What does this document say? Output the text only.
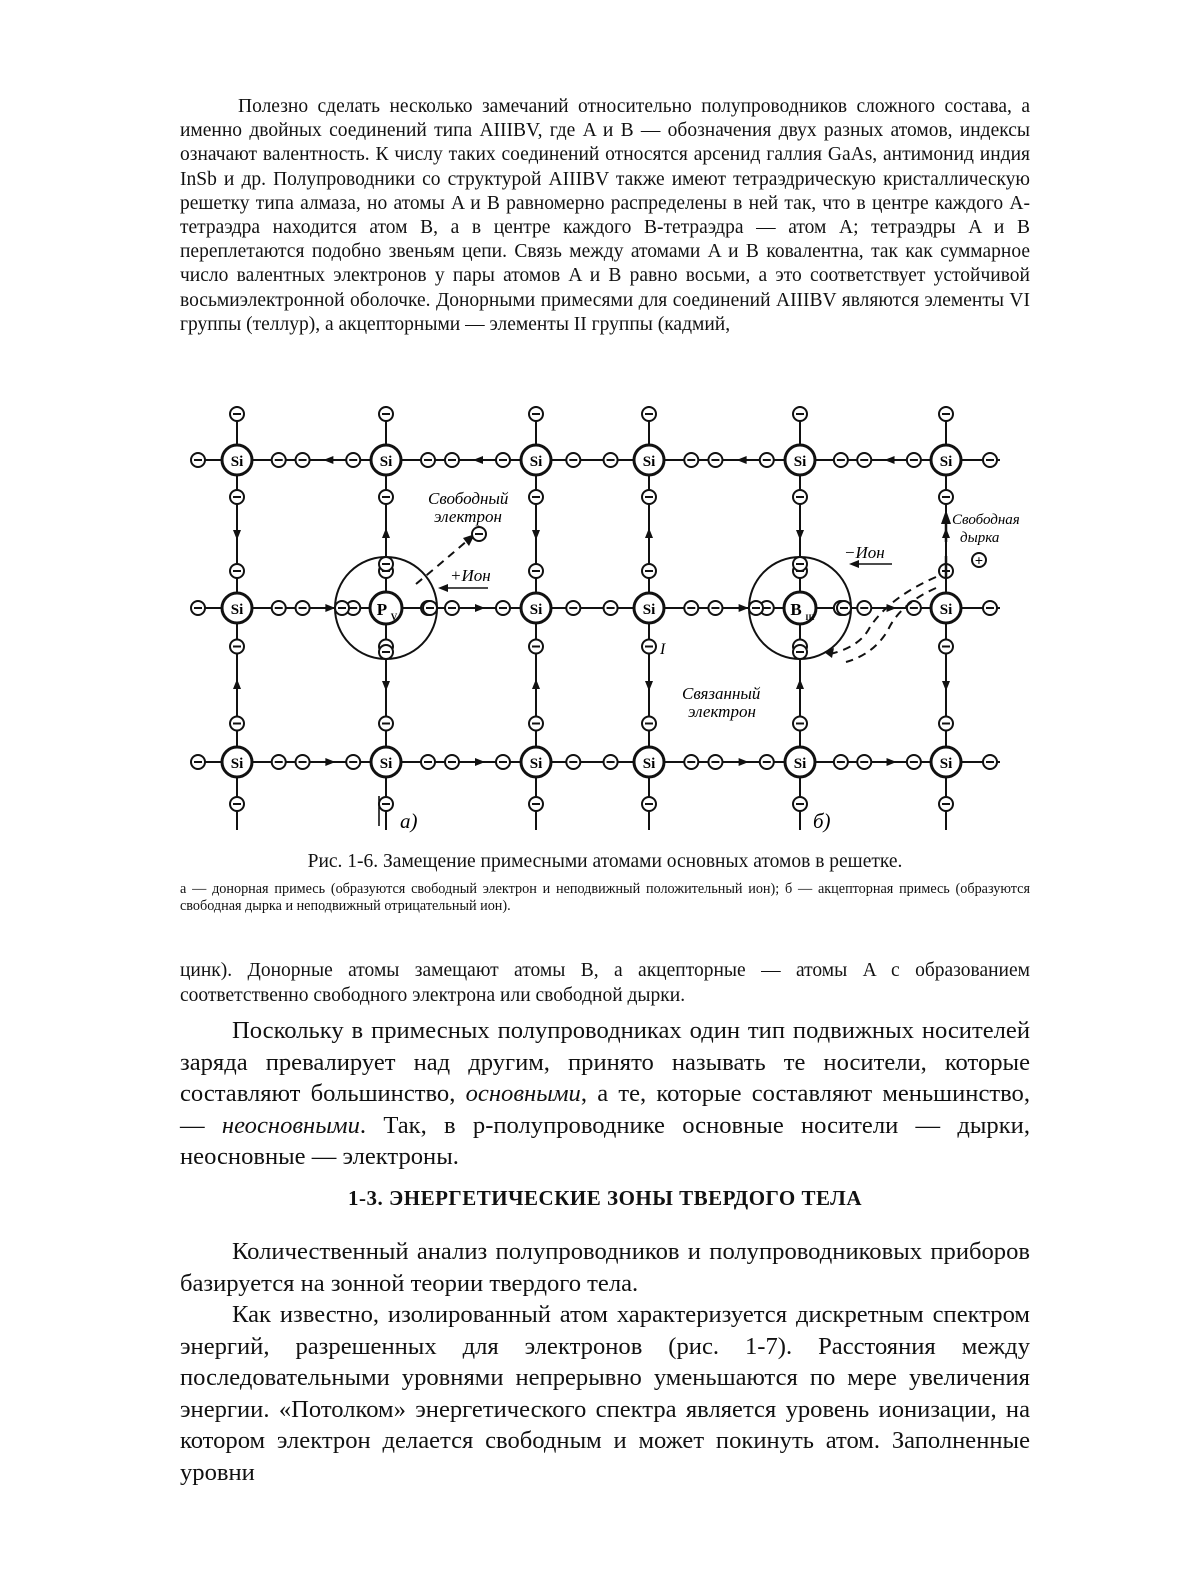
Полезно сделать несколько замечаний относительно полупроводников сложного состава, а именно двойных соединений типа AIIIBV, где A и B — обозначения двух разных атомов, индексы означают валентность. К числу таких соединений относятся арсенид галлия GaAs, антимонид индия InSb и др. Полупроводники со структурой AIIIBV также имеют тетраэдрическую кристаллическую решетку типа алмаза, но атомы A и B равномерно распределены в ней так, что в центре каждого А-тетраэдра находится атом B, а в центре каждого В-тетраэдра — атом A; тетраэдры A и B переплетаются подобно звеньям цепи. Связь между атомами A и B ковалентна, так как суммарное число валентных электронов у пары атомов A и B равно восьми, а это соответствует устойчивой восьмиэлектронной оболочке. Донорными примесями для соединений AIIIBV являются элементы VI группы (теллур), а акцепторными — элементы II группы (кадмий,

Si	Si	Si	Si	Si	Si
Si	Si	Si	Si
Si	Si	Si	Si	Si	Si
P V	B III
Свободный
электрон
+Ион
−Ион
Свободная
дырка
+
Связанный
электрон
I
а)	б)
Рис. 1-6. Замещение примесными атомами основных атомов в решетке.
а — донорная примесь (образуются свободный электрон и неподвижный положительный ион); б — акцепторная примесь (образуются свободная дырка и неподвижный отрицательный ион).

цинк). Донорные атомы замещают атомы B, а акцепторные — атомы A с образованием соответственно свободного электрона или свободной дырки.

Поскольку в примесных полупроводниках один тип подвижных носителей заряда превалирует над другим, принято называть те носители, которые составляют большинство, основными, а те, которые составляют меньшинство, — неосновными. Так, в p-полупроводнике основные носители — дырки, неосновные — электроны.

1-3. ЭНЕРГЕТИЧЕСКИЕ ЗОНЫ ТВЕРДОГО ТЕЛА

Количественный анализ полупроводников и полупроводниковых приборов базируется на зонной теории твердого тела.

Как известно, изолированный атом характеризуется дискретным спектром энергий, разрешенных для электронов (рис. 1-7). Расстояния между последовательными уровнями непрерывно уменьшаются по мере увеличения энергии. «Потолком» энергетического спектра является уровень ионизации, на котором электрон делается свободным и может покинуть атом. Заполненные уровни
